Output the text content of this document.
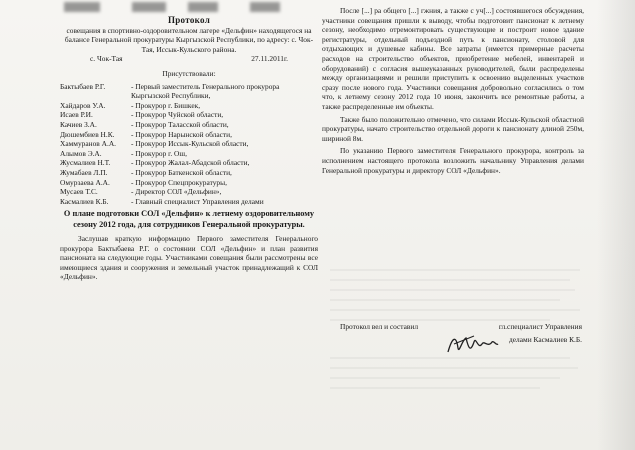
Протокол
совещания в спортивно-оздоровительном лагере «Дельфин» находящегося на балансе Генеральной прокуратуры Кыргызской Республики, по адресу: с. Чок-Тая, Иссык-Кульского района.
с. Чок-Тая	27.11.2011г.
Присутствовали:
Бактыбаев Р.Г.	- Первый заместитель Генерального прокурора Кыргызской Республики,
Хайдаров У.А.	- Прокурор г. Бишкек,
Исаев Р.И.	- Прокурор Чуйской области,
Качиев З.А.	- Прокурор Таласской области,
Дюшембиев Н.К.	- Прокурор Нарынской области,
Хаммуранов А.А.	- Прокурор Иссык-Кульской области,
Алымов Э.А.	- Прокурор г. Ош,
Жусмалиев Н.Т.	- Прокурор Жалал-Абадской области,
Жумабаев Л.П.	- Прокурор Баткенской области,
Омурзаева А.А.	- Прокурор Спецпрокуратуры,
Мусаев Т.С.	- Директор СОЛ «Дельфин»,
Касмалиев К.Б.	- Главный специалист Управления делами
О плане подготовки СОЛ «Дельфин» к летнему оздоровительному сезону 2012 года, для сотрудников Генеральной прокуратуры.
Заслушав краткую информацию Первого заместителя Генерального прокурора Бактыбаева Р.Г. о состоянии СОЛ «Дельфин» и план развития пансионата на следующие годы. Участниками совещания были рассмотрены все имеющиеся здания и сооружения и земельный участок принадлежащий к СОЛ «Дельфин».
После [...] ра общего [...] гжния, а также с уч[...] состоявшегося обсуждения, участники совещания пришли к выводу, чтобы подготовит пансионат к летнему сезону, необходимо отремонтировать существующие и построит новое здание регистратуры, отдельный подъездной путь к пансионату, столовой для отдыхающих и душевые кабины. Все затраты (имеется примерные расчеты расходов на строительство объектов, приобретение мебелей, инвентарей и оборудований) с согласия вышеуказанных руководителей, были распределены между организациями и решили приступить к освоению выделенных участков сразу после нового года. Участники совещания добровольно согласились о том что, к летнему сезону 2012 года 10 июня, закончить все ремонтные работы, а также распределенные им объекты.
Также было положительно отмечено, что силами Иссык-Кульской областной прокуратуры, начато строительство отдельной дороги к пансионату длиной 250м, шириной 8м.
По указанию Первого заместителя Генерального прокурора, контроль за исполнением настоящего протокола возложить начальнику Управления делами Генеральной прокуратуры и директору СОЛ «Дельфин».
Протокол вел и составил	гл.специалист Управления
делами Касмалиев К.Б.
